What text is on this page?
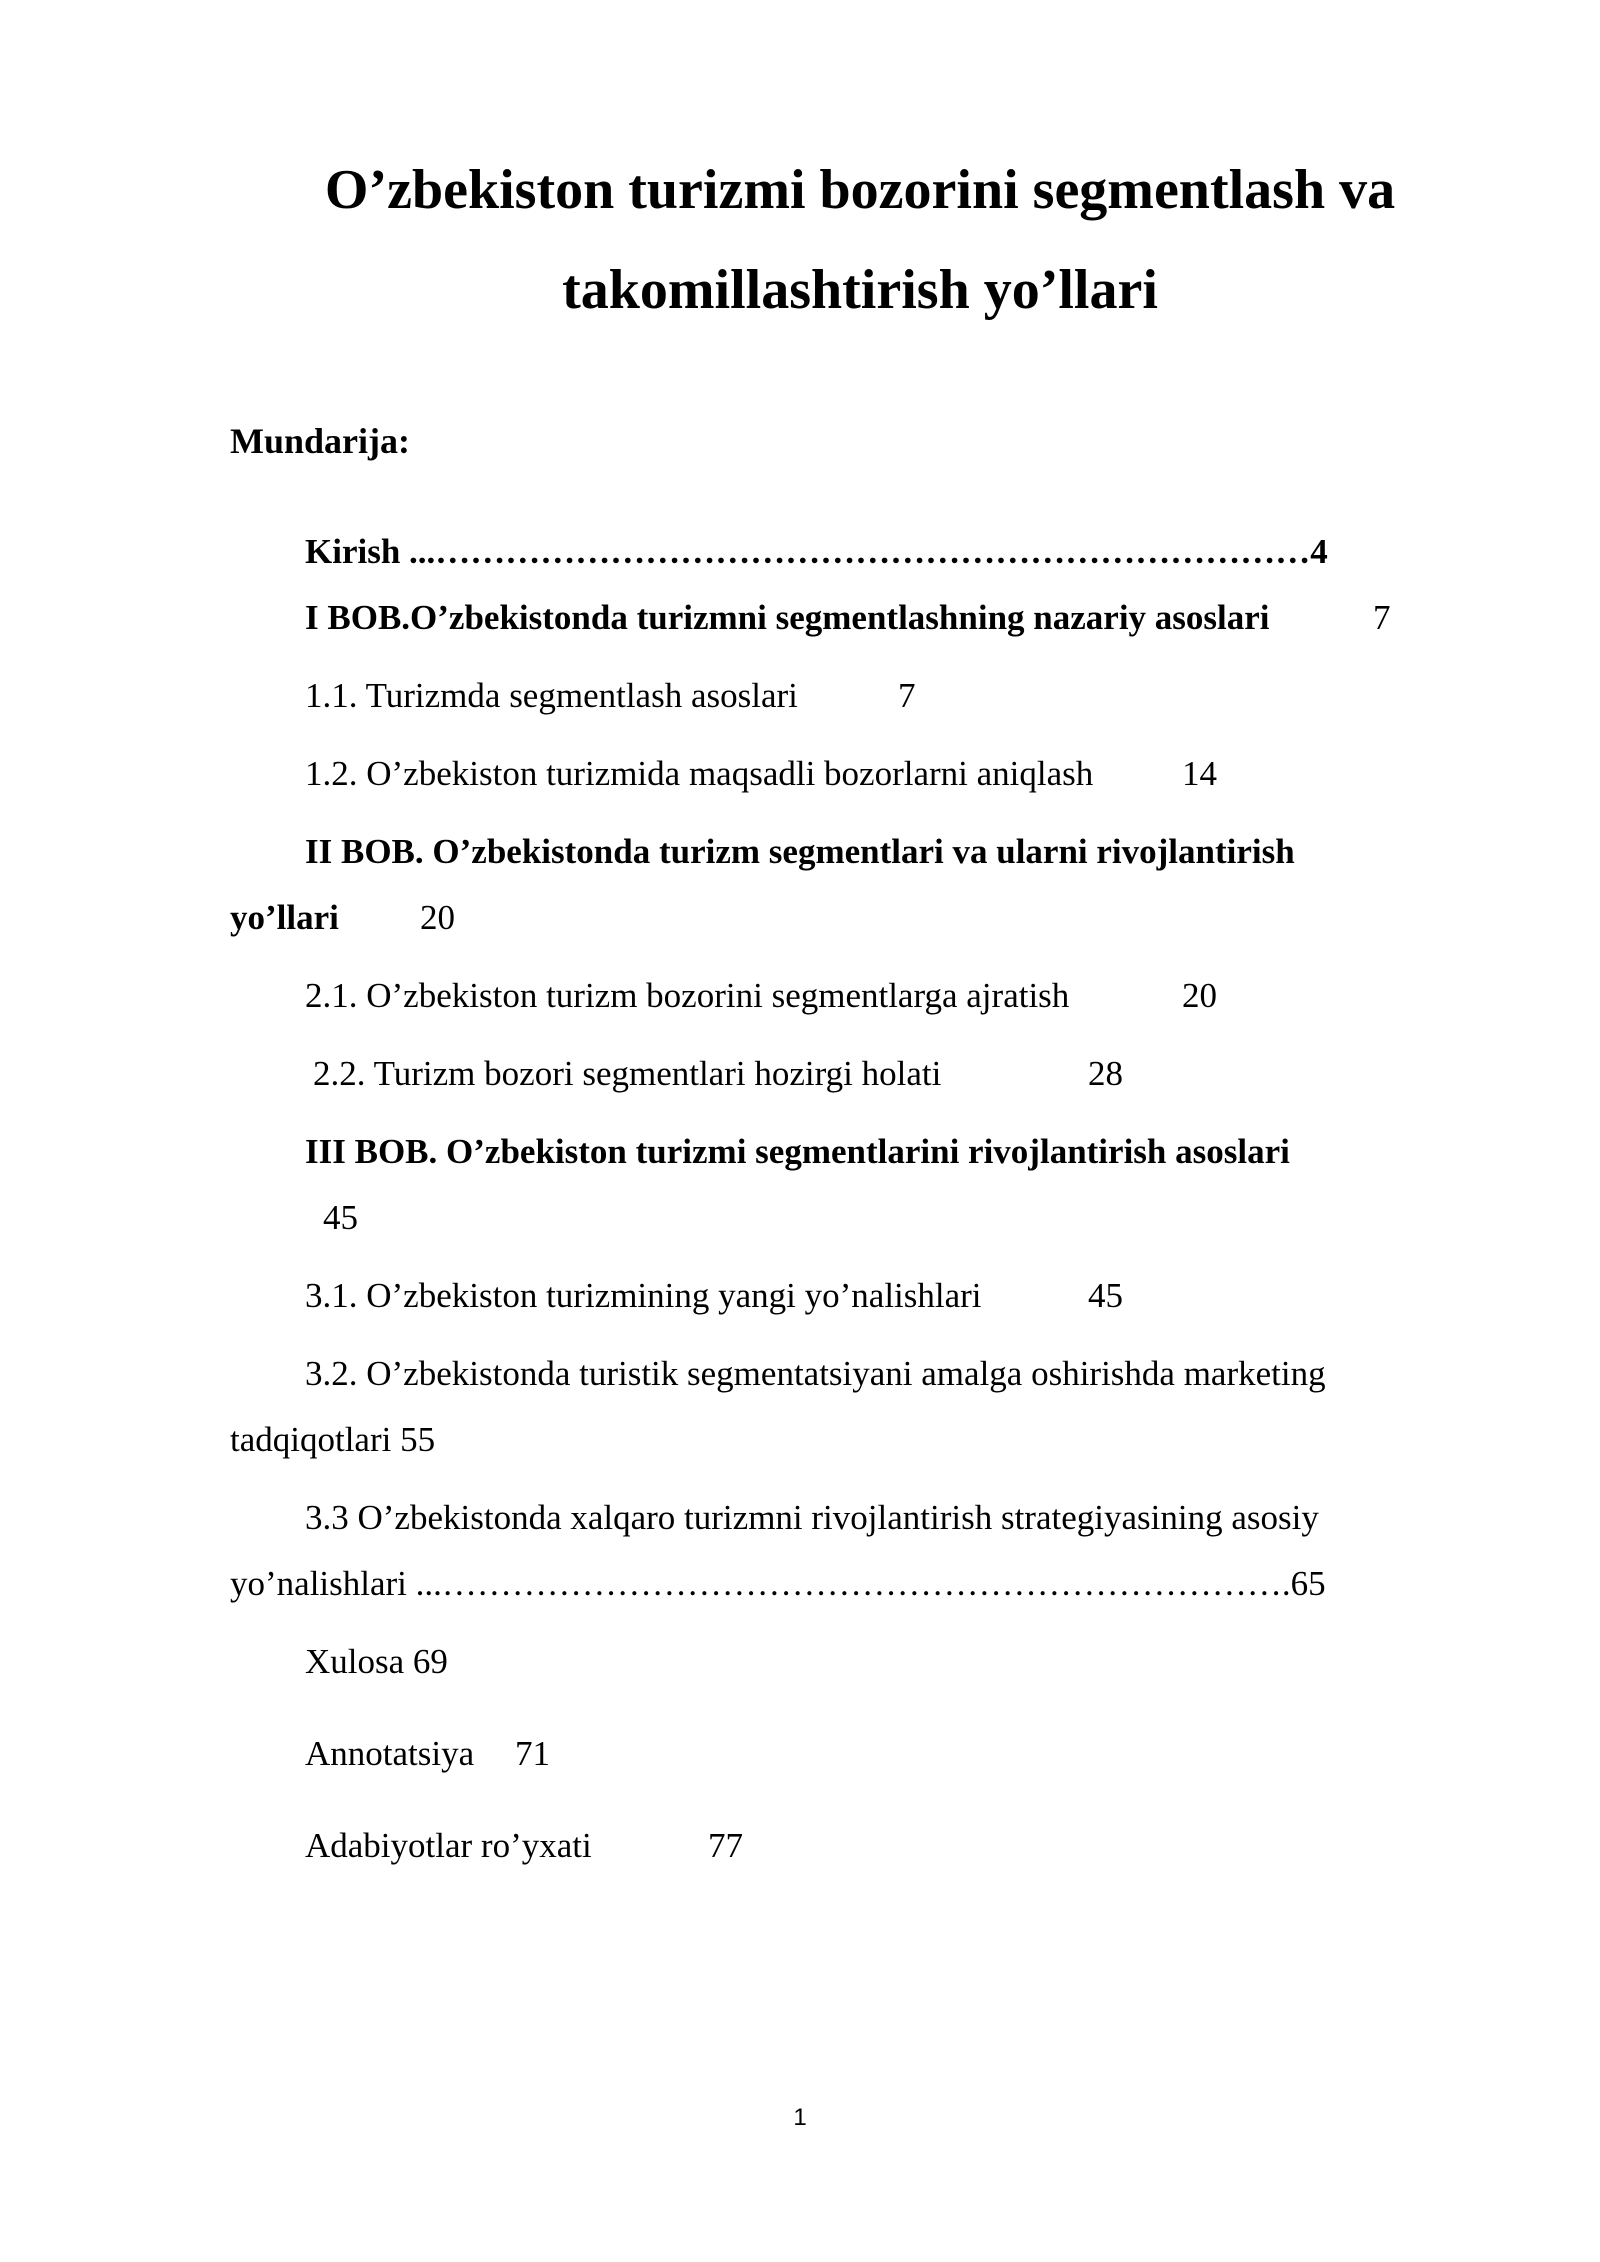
O’zbekiston turizmi bozorini segmentlash va
takomillashtirish yo’llari

Mundarija:

Kirish ...…………………………………………………………………4

I BOB.O’zbekistonda turizmni segmentlashning nazariy asoslari	7

1.1. Turizmda segmentlash asoslari	7

1.2. O’zbekiston turizmida maqsadli bozorlarni aniqlash	14

II BOB. O’zbekistonda turizm segmentlari va ularni rivojlantirish

yo’llari 20

2.1. O’zbekiston turizm bozorini segmentlarga ajratish	20

2.2. Turizm bozori segmentlari hozirgi holati	28

III BOB. O’zbekiston turizmi segmentlarini rivojlantirish asoslari

45

3.1. O’zbekiston turizmining yangi yo’nalishlari	45

3.2. O’zbekistonda turistik segmentatsiyani amalga oshirishda marketing

tadqiqotlari 55

3.3 O’zbekistonda xalqaro turizmni rivojlantirish strategiyasining asosiy

yo’nalishlari ...……………………………………………………………….65

Xulosa 69

Annotatsiya 71

Adabiyotlar ro’yxati	77

1
